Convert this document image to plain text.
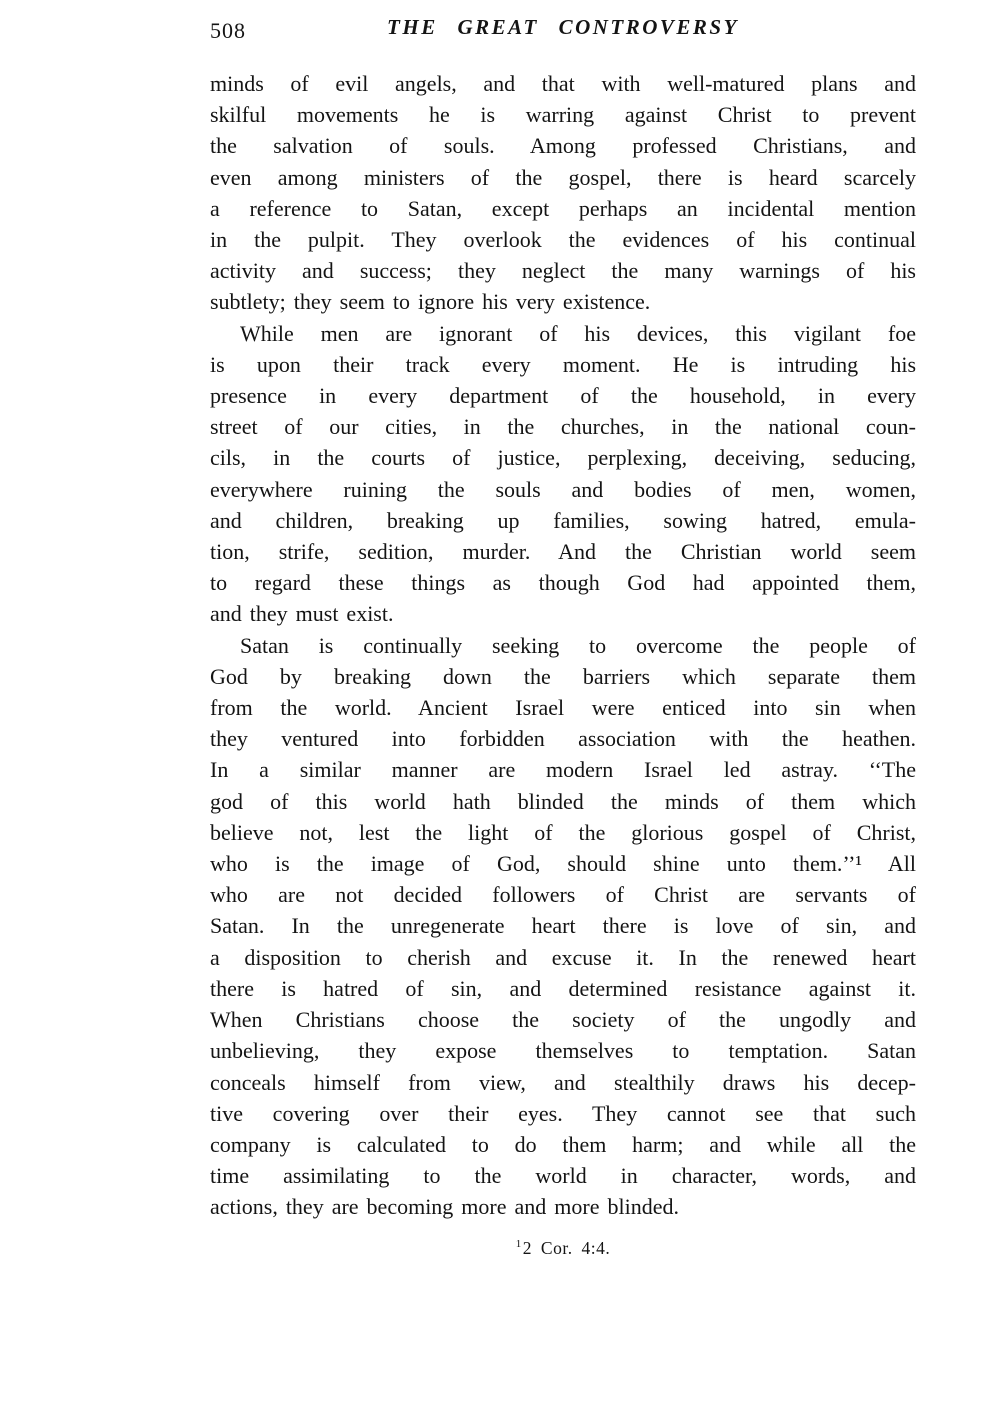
508	THE GREAT CONTROVERSY
minds of evil angels, and that with well-matured plans and
skilful movements he is warring against Christ to prevent
the salvation of souls. Among professed Christians, and
even among ministers of the gospel, there is heard scarcely
a reference to Satan, except perhaps an incidental mention
in the pulpit. They overlook the evidences of his continual
activity and success; they neglect the many warnings of his
subtlety; they seem to ignore his very existence.
While men are ignorant of his devices, this vigilant foe
is upon their track every moment. He is intruding his
presence in every department of the household, in every
street of our cities, in the churches, in the national coun-
cils, in the courts of justice, perplexing, deceiving, seducing,
everywhere ruining the souls and bodies of men, women,
and children, breaking up families, sowing hatred, emula-
tion, strife, sedition, murder. And the Christian world seem
to regard these things as though God had appointed them,
and they must exist.
Satan is continually seeking to overcome the people of
God by breaking down the barriers which separate them
from the world. Ancient Israel were enticed into sin when
they ventured into forbidden association with the heathen.
In a similar manner are modern Israel led astray. ‘‘The
god of this world hath blinded the minds of them which
believe not, lest the light of the glorious gospel of Christ,
who is the image of God, should shine unto them.’’¹ All
who are not decided followers of Christ are servants of
Satan. In the unregenerate heart there is love of sin, and
a disposition to cherish and excuse it. In the renewed heart
there is hatred of sin, and determined resistance against it.
When Christians choose the society of the ungodly and
unbelieving, they expose themselves to temptation. Satan
conceals himself from view, and stealthily draws his decep-
tive covering over their eyes. They cannot see that such
company is calculated to do them harm; and while all the
time assimilating to the world in character, words, and
actions, they are becoming more and more blinded.
$^1$2 Cor. 4:4.
